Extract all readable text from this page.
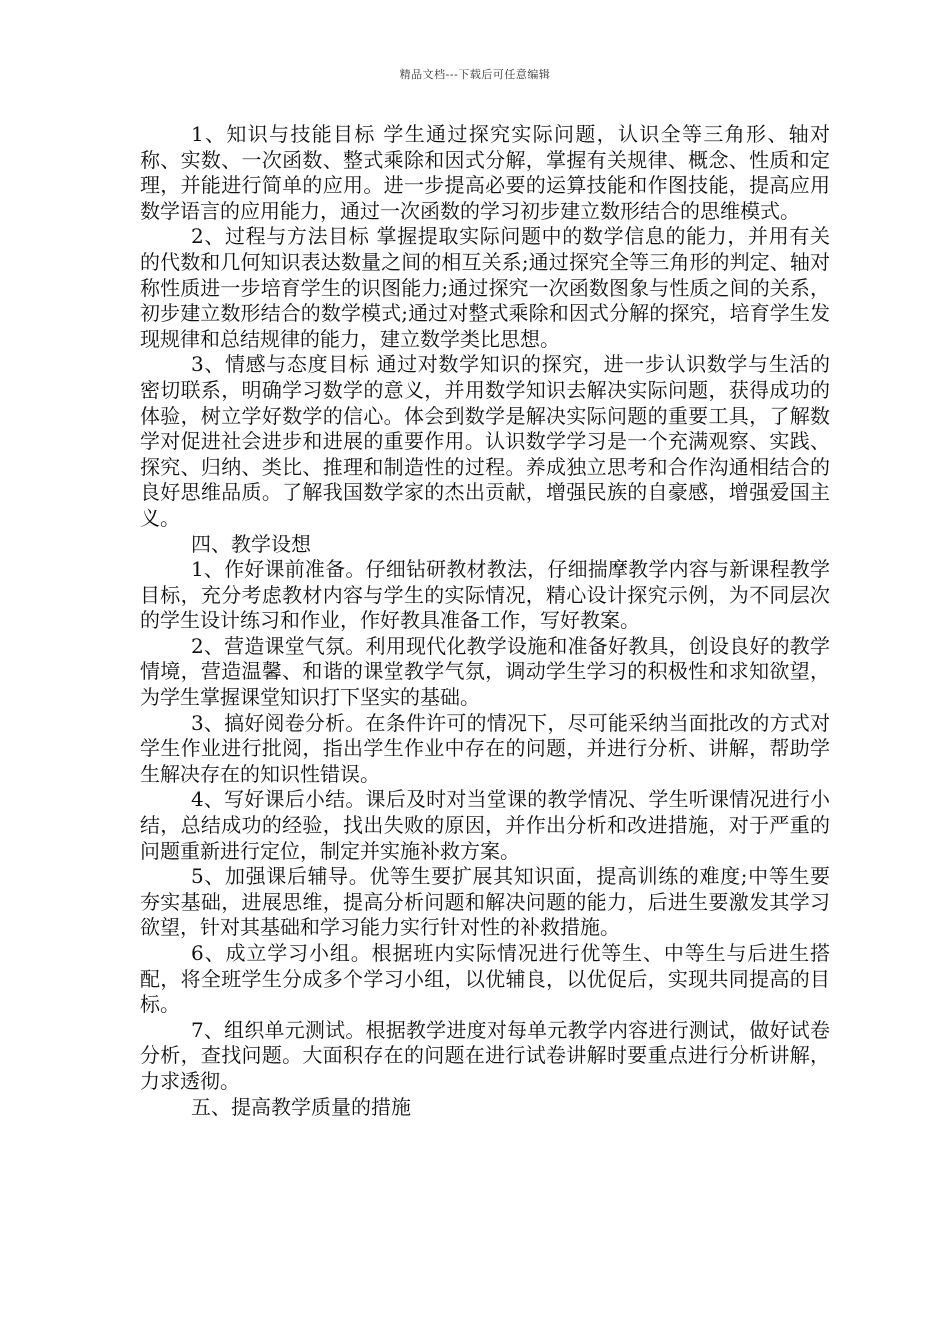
精品文档---下载后可任意编辑

1、知识与技能目标 学生通过探究实际问题，认识全等三角形、轴对称、实数、一次函数、整式乘除和因式分解，掌握有关规律、概念、性质和定理，并能进行简单的应用。进一步提高必要的运算技能和作图技能，提高应用数学语言的应用能力，通过一次函数的学习初步建立数形结合的思维模式。

2、过程与方法目标 掌握提取实际问题中的数学信息的能力，并用有关的代数和几何知识表达数量之间的相互关系;通过探究全等三角形的判定、轴对称性质进一步培育学生的识图能力;通过探究一次函数图象与性质之间的关系，初步建立数形结合的数学模式;通过对整式乘除和因式分解的探究，培育学生发现规律和总结规律的能力，建立数学类比思想。

3、情感与态度目标 通过对数学知识的探究，进一步认识数学与生活的密切联系，明确学习数学的意义，并用数学知识去解决实际问题，获得成功的体验，树立学好数学的信心。体会到数学是解决实际问题的重要工具，了解数学对促进社会进步和进展的重要作用。认识数学学习是一个充满观察、实践、探究、归纳、类比、推理和制造性的过程。养成独立思考和合作沟通相结合的良好思维品质。了解我国数学家的杰出贡献，增强民族的自豪感，增强爱国主义。

四、教学设想

1、作好课前准备。仔细钻研教材教法，仔细揣摩教学内容与新课程教学目标，充分考虑教材内容与学生的实际情况，精心设计探究示例，为不同层次的学生设计练习和作业，作好教具准备工作，写好教案。

2、营造课堂气氛。利用现代化教学设施和准备好教具，创设良好的教学情境，营造温馨、和谐的课堂教学气氛，调动学生学习的积极性和求知欲望，为学生掌握课堂知识打下坚实的基础。

3、搞好阅卷分析。在条件许可的情况下，尽可能采纳当面批改的方式对学生作业进行批阅，指出学生作业中存在的问题，并进行分析、讲解，帮助学生解决存在的知识性错误。

4、写好课后小结。课后及时对当堂课的教学情况、学生听课情况进行小结，总结成功的经验，找出失败的原因，并作出分析和改进措施，对于严重的问题重新进行定位，制定并实施补救方案。

5、加强课后辅导。优等生要扩展其知识面，提高训练的难度;中等生要夯实基础，进展思维，提高分析问题和解决问题的能力，后进生要激发其学习欲望，针对其基础和学习能力实行针对性的补救措施。

6、成立学习小组。根据班内实际情况进行优等生、中等生与后进生搭配，将全班学生分成多个学习小组，以优辅良，以优促后，实现共同提高的目标。

7、组织单元测试。根据教学进度对每单元教学内容进行测试，做好试卷分析，查找问题。大面积存在的问题在进行试卷讲解时要重点进行分析讲解，力求透彻。

五、提高教学质量的措施
